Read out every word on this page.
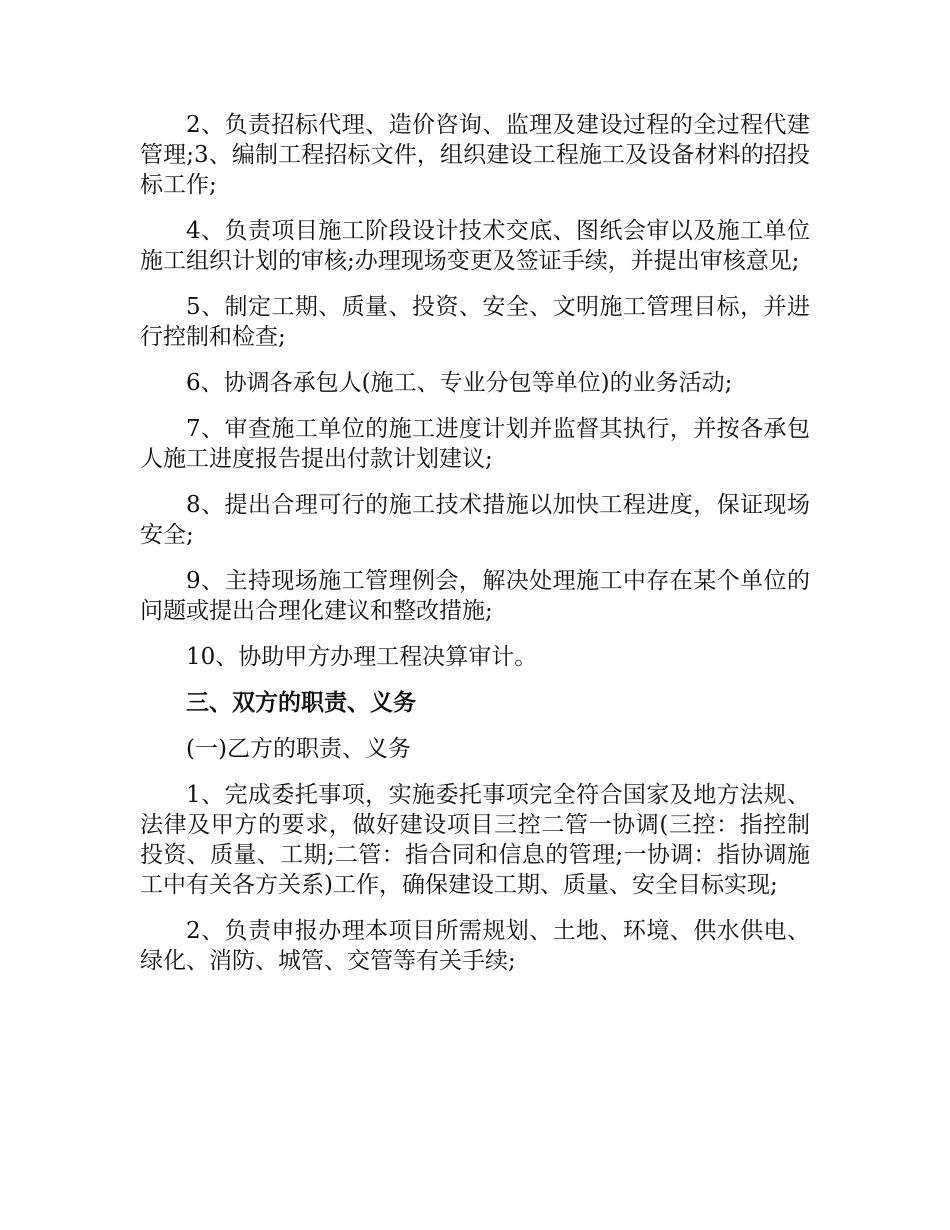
2、负责招标代理、造价咨询、监理及建设过程的全过程代建管理;3、编制工程招标文件，组织建设工程施工及设备材料的招投标工作;

4、负责项目施工阶段设计技术交底、图纸会审以及施工单位施工组织计划的审核;办理现场变更及签证手续，并提出审核意见;

5、制定工期、质量、投资、安全、文明施工管理目标，并进行控制和检查;

6、协调各承包人(施工、专业分包等单位)的业务活动;

7、审查施工单位的施工进度计划并监督其执行，并按各承包人施工进度报告提出付款计划建议;

8、提出合理可行的施工技术措施以加快工程进度，保证现场安全;

9、主持现场施工管理例会，解决处理施工中存在某个单位的问题或提出合理化建议和整改措施;

10、协助甲方办理工程决算审计。

三、双方的职责、义务

(一)乙方的职责、义务

1、完成委托事项，实施委托事项完全符合国家及地方法规、法律及甲方的要求，做好建设项目三控二管一协调(三控：指控制投资、质量、工期;二管：指合同和信息的管理;一协调：指协调施工中有关各方关系)工作，确保建设工期、质量、安全目标实现;

2、负责申报办理本项目所需规划、土地、环境、供水供电、绿化、消防、城管、交管等有关手续;
